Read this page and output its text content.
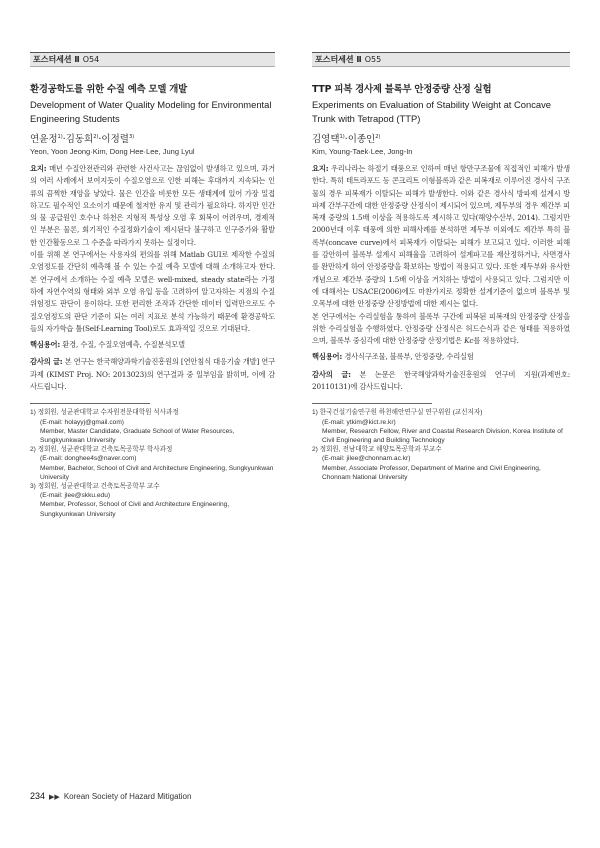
포스터세션 Ⅱ O54

환경공학도를 위한 수질 예측 모델 개발

Development of Water Quality Modeling for Environmental Engineering Students

연윤정$^{1)}$·김동희$^{2)}$·이정렬$^{3)}$

Yeon, Yoon Jeong·Kim, Dong Hee·Lee, Jung Lyul

요지: 매년 수질안전관리와 관련한 사건사고는 끊임없이 발생하고 있으며, 과거의 여러 사례에서 보여지듯이 수질오염으로 인한 피해는 후대까지 지속되는 인류의 끔찍한 재앙을 낳았다. 물은 인간을 비롯한 모든 생태계에 있어 가장 밀접하고도 필수적인 요소이기 때문에 철저한 유지 및 관리가 필요하다. 하지만 인간의 물 공급원인 호수나 하천은 지형적 특성상 오염 후 회복이 어려우며, 경제적인 부분은 물론, 회기적인 수질정화기술이 제시된다 불구하고 인구증가와 활발한 인간활동으로 그 수준을 따라가지 못하는 실정이다.

이를 위해 본 연구에서는 사용자의 편의를 위해 Matlab GUI로 제작한 수질의 오염정도를 간단히 예측해 볼 수 있는 수질 예측 모델에 대해 소개하고자 한다. 본 연구에서 소개하는 수질 예측 모델은 well-mixed, steady state라는 가정 하에 자연수역의 형태와 외부 오염 유입 등을 고려하여 알고자하는 지점의 수질 위험정도 판단이 용이하다. 또한 편리한 조작과 간단한 데이터 입력만으로도 수질오염정도의 판단 기준이 되는 여러 지표로 분석 가능하기 때문에 환경공학도들의 자가학습 툴(Self-Learning Tool)로도 효과적일 것으로 기대된다.

핵심용어: 환경, 수질, 수질오염예측, 수질분석모델

감사의 글: 본 연구는 한국해양과학기술진흥원의 [연안침식 대응기술 개발] 연구과제 (KIMST Proj. NO: 2013023)의 연구결과 중 일부임을 밝히며, 이에 감사드립니다.

1) 정회원, 성균관대학교 수자원전문대학원 석사과정
(E-mail: holayyj@gmail.com)
Member, Master Candidate, Graduate School of Water Resources, Sungkyunkwan University

2) 정회원, 성균관대학교 건축토목공학부 학사과정
(E-mail: donghee4s@naver.com)
Member, Bachelor, School of Civil and Architecture Engineering, Sungkyunkwan University

3) 정회원, 성균관대학교 건축토목공학부 교수
(E-mail: jlee@skku.edu)
Member, Professor, School of Civil and Architecture Engineering, Sungkyunkwan University

포스터세션 Ⅱ O55

TTP 피복 경사제 블록부 안정중량 산정 실험

Experiments on Evaluation of Stability Weight at Concave Trunk with Tetrapod (TTP)

김영택$^{1)}$·이종인$^{2)}$

Kim, Young-Taek·Lee, Jong-In

요지: 우리나라는 하절기 태풍으로 인하여 매년 항만구조물에 직접적인 피해가 발생한다. 특히 테트라포드 등 콘크리트 이형블록과 같은 피복재로 이루어진 경사식 구조물의 경우 피복재가 이탈되는 피해가 발생한다. 이와 같은 경사식 방파제 설계시 방파제 간부구간에 대한 안정중량 산정식이 제시되어 있으며, 제두부의 경우 제간부 피복재 중량의 1.5배 이상을 적용하도록 제시하고 있다(해양수산부, 2014). 그럼지만 2000년대 이후 태풍에 의한 피해사례를 분석하면 제두부 이외에도 제간부 특히 블록부(concave curve)에서 피복재가 이탈되는 피해가 보고되고 있다. 이러한 피해를 감안하여 블록부 설계시 피해율을 고려하여 설계파고를 재산정하거나, 사면경사를 완만하게 하여 안정중량을 확보하는 방법이 적용되고 있다. 또한 제두부와 유사한 개념으로 제간부 중량의 1.5배 이상을 거치하는 방법이 사용되고 있다. 그럼지만 이에 대해서는 USACE(2006)에도 마찬가지로 정확한 설계기준이 없으며 블록부 및 오목부에 대한 안정중량 산정방법에 대한 제시는 없다.

본 연구에서는 수리실험을 통하여 블록부 구간에 피복된 피복재의 안정중량 산정을 위한 수리실험을 수행하였다. 안정중량 산정식은 허드슨식과 같은 형태를 적용하였으며, 블록부 중심각에 대한 안정중량 산정기법은 Kc를 적용하였다.

핵심용어: 경사식구조물, 블록부, 안정중량, 수리실험

감사의 글: 본 논문은 한국해양과학기술진흥원의 연구비 지원(과제번호: 20110131)에 감사드립니다.

1) 한국건설기술연구원 하천해안연구실 연구위원 (교신저자)
(E-mail: ytkim@kict.re.kr)
Member, Research Fellow, River and Coastal Research Division, Korea Institute of Civil Engineering and Building Technology

2) 정회원, 전남대학교 해양토목공학과 부교수
(E-mail: jilee@chonnam.ac.kr)
Member, Associate Professor, Department of Marine and Civil Engineering, Chonnam National University

234 ▶▶ Korean Society of Hazard Mitigation
